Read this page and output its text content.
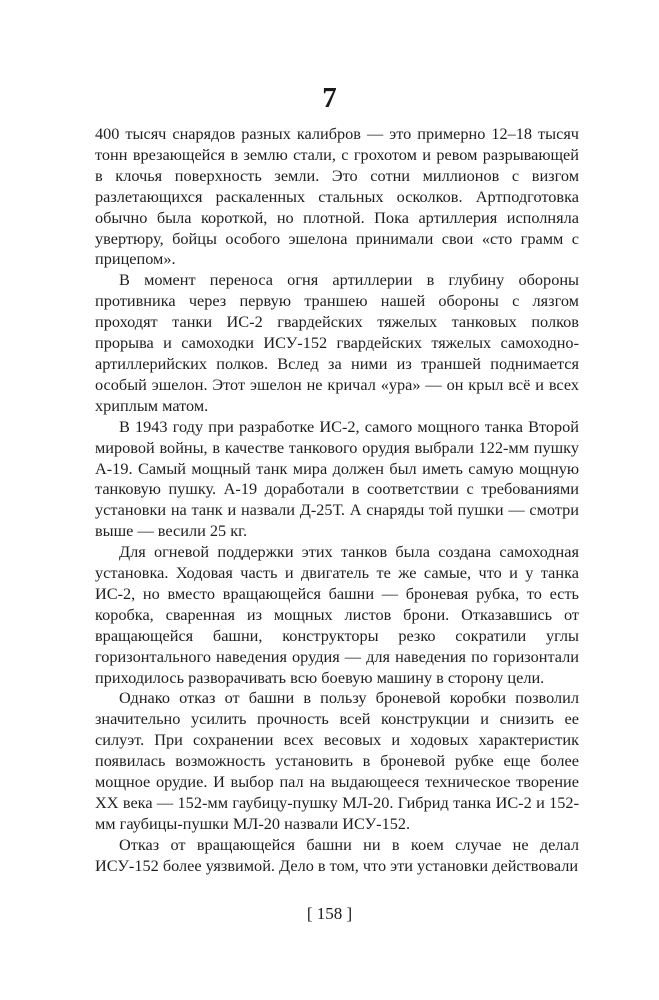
7

400 тысяч снарядов разных калибров — это примерно 12–18 тысяч тонн врезающейся в землю стали, с грохотом и ревом разрывающей в клочья поверхность земли. Это сотни миллионов с визгом разлетающихся раскаленных стальных осколков. Артподготовка обычно была короткой, но плотной. Пока артиллерия исполняла увертюру, бойцы особого эшелона принимали свои «сто грамм с прицепом».

В момент переноса огня артиллерии в глубину обороны противника через первую траншею нашей обороны с лязгом проходят танки ИС-2 гвардейских тяжелых танковых полков прорыва и самоходки ИСУ-152 гвардейских тяжелых самоходно-артиллерийских полков. Вслед за ними из траншей поднимается особый эшелон. Этот эшелон не кричал «ура» — он крыл всё и всех хриплым матом.

В 1943 году при разработке ИС-2, самого мощного танка Второй мировой войны, в качестве танкового орудия выбрали 122-мм пушку А-19. Самый мощный танк мира должен был иметь самую мощную танковую пушку. А-19 доработали в соответствии с требованиями установки на танк и назвали Д-25Т. А снаряды той пушки — смотри выше — весили 25 кг.

Для огневой поддержки этих танков была создана самоходная установка. Ходовая часть и двигатель те же самые, что и у танка ИС-2, но вместо вращающейся башни — броневая рубка, то есть коробка, сваренная из мощных листов брони. Отказавшись от вращающейся башни, конструкторы резко сократили углы горизонтального наведения орудия — для наведения по горизонтали приходилось разворачивать всю боевую машину в сторону цели.

Однако отказ от башни в пользу броневой коробки позволил значительно усилить прочность всей конструкции и снизить ее силуэт. При сохранении всех весовых и ходовых характеристик появилась возможность установить в броневой рубке еще более мощное орудие. И выбор пал на выдающееся техническое творение XX века — 152-мм гаубицу-пушку МЛ-20. Гибрид танка ИС-2 и 152-мм гаубицы-пушки МЛ-20 назвали ИСУ-152.

Отказ от вращающейся башни ни в коем случае не делал ИСУ-152 более уязвимой. Дело в том, что эти установки действовали

[ 158 ]
